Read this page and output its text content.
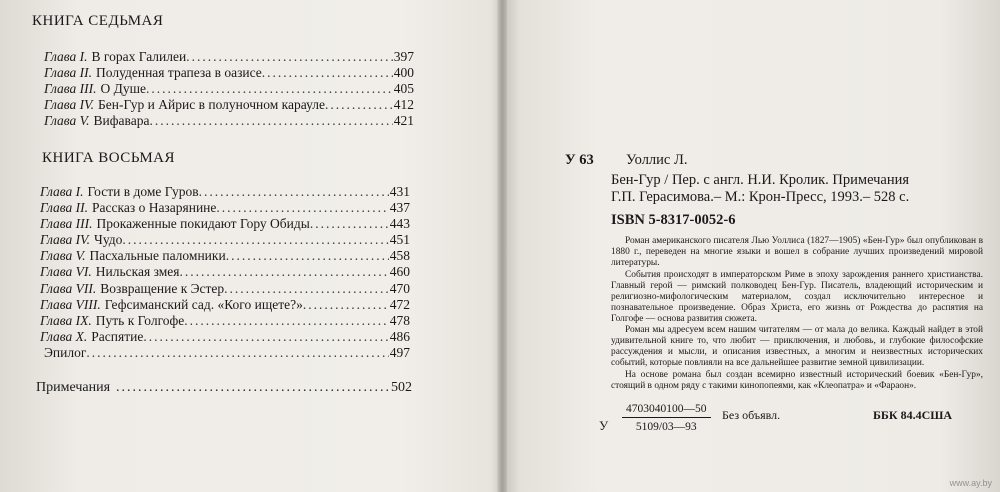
КНИГА СЕДЬМАЯ
Глава I. В горах Галилеи .....	397
Глава II. Полуденная трапеза в оазисе .....	400
Глава III. О Душе .....	405
Глава IV. Бен-Гур и Айрис в полуночном карауле .....	412
Глава V. Вифавара .....	421
КНИГА ВОСЬМАЯ
Глава I. Гости в доме Гуров .....	431
Глава II. Рассказ о Назарянине .....	437
Глава III. Прокаженные покидают Гору Обиды .....	443
Глава IV. Чудо .....	451
Глава V. Пасхальные паломники .....	458
Глава VI. Нильская змея .....	460
Глава VII. Возвращение к Эстер .....	470
Глава VIII. Гефсиманский сад. «Кого ищете?» .....	472
Глава IX. Путь к Голгофе .....	478
Глава X. Распятие .....	486
Эпилог .....	497
Примечания .....	502
У 63 Уоллис Л.
Бен-Гур / Пер. с англ. Н.И. Кролик. Примечания
Г.П. Герасимова.– М.: Крон-Пресс, 1993.– 528 с.
ISBN 5-8317-0052-6

Роман американского писателя Лью Уоллиса (1827—1905) «Бен-Гур» был опубликован в 1880 г., переведен на многие языки и вошел в собрание лучших произведений мировой литературы.

События происходят в императорском Риме в эпоху зарождения раннего христианства. Главный герой — римский полководец Бен-Гур. Писатель, владеющий историческим и религиозно-мифологическим материалом, создал исключительно интересное и познавательное произведение. Образ Христа, его жизнь от Рождества до распятия на Голгофе — основа развития сюжета.

Роман мы адресуем всем нашим читателям — от мала до велика. Каждый найдет в этой удивительной книге то, что любит — приключения, и любовь, и глубокие философские рассуждения и мысли, и описания известных, а многим и неизвестных исторических событий, которые повлияли на все дальнейшее развитие земной цивилизации.

На основе романа был создан всемирно известный исторический боевик «Бен-Гур», стоящий в одном ряду с такими кинопопеями, как «Клеопатра» и «Фараон».

У $\frac{4703040100—50}{5109/03—93}$ Без объявл.	ББК 84.4США
www.ay.by
